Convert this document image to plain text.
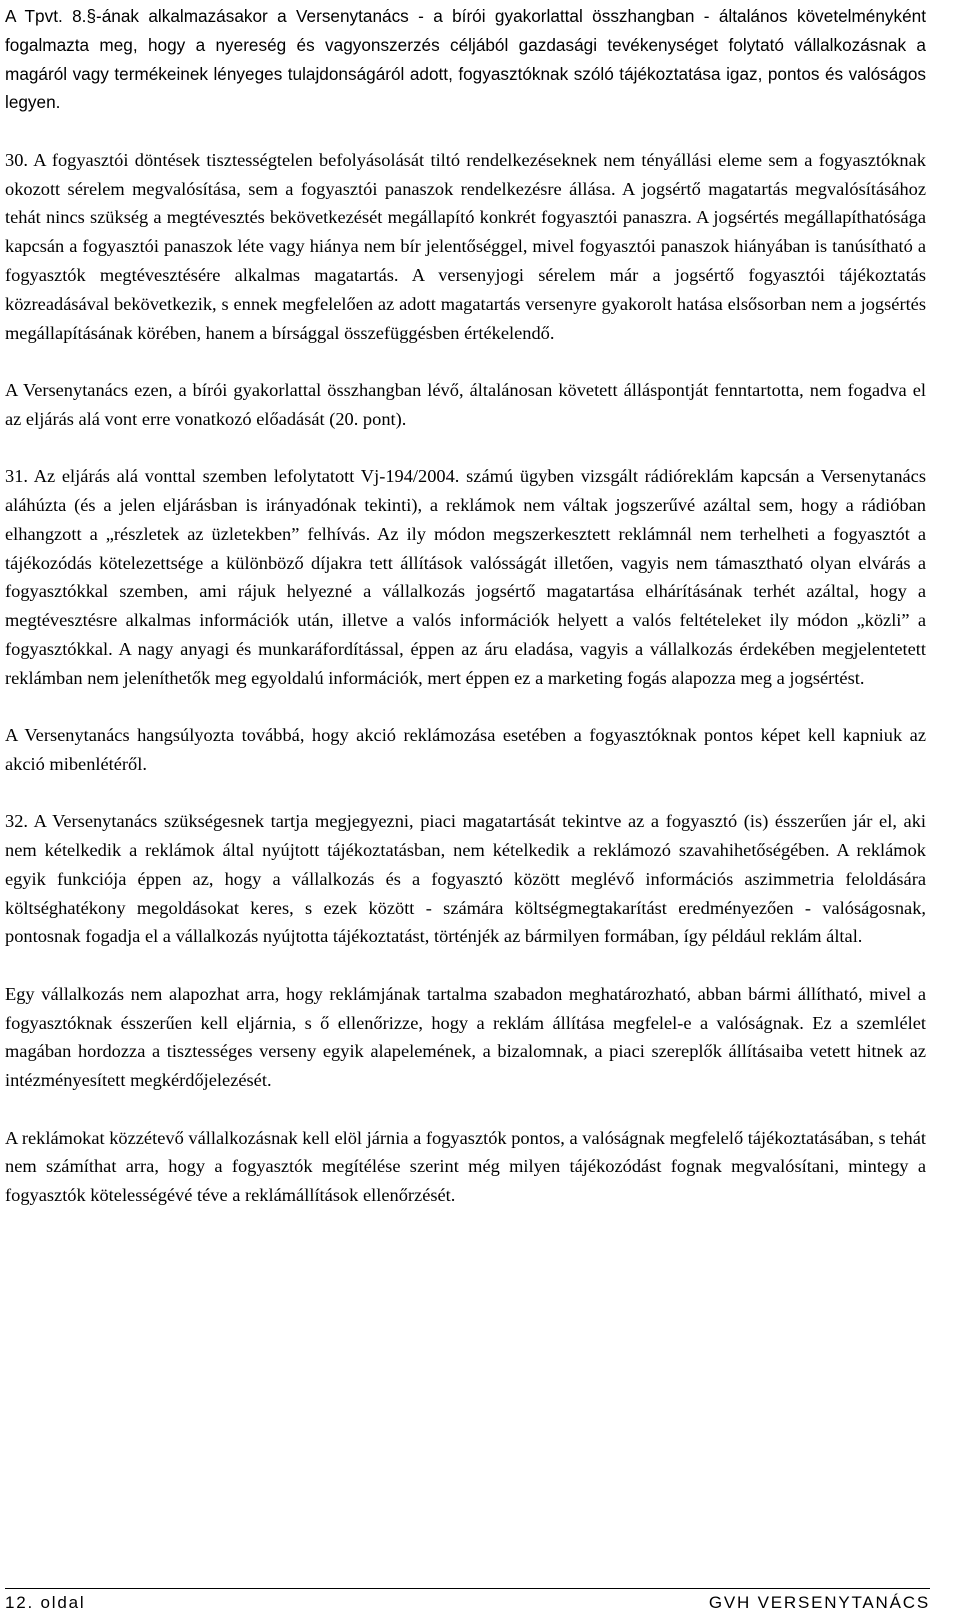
A Tpvt. 8.§-ának alkalmazásakor a Versenytanács - a bírói gyakorlattal összhangban - általános követelményként fogalmazta meg, hogy a nyereség és vagyonszerzés céljából gazdasági tevékenységet folytató vállalkozásnak a magáról vagy termékeinek lényeges tulajdonságáról adott, fogyasztóknak szóló tájékoztatása igaz, pontos és valóságos legyen.

30. A fogyasztói döntések tisztességtelen befolyásolását tiltó rendelkezéseknek nem tényállási eleme sem a fogyasztóknak okozott sérelem megvalósítása, sem a fogyasztói panaszok rendelkezésre állása. A jogsértő magatartás megvalósításához tehát nincs szükség a megtévesztés bekövetkezését megállapító konkrét fogyasztói panaszra. A jogsértés megállapíthatósága kapcsán a fogyasztói panaszok léte vagy hiánya nem bír jelentőséggel, mivel fogyasztói panaszok hiányában is tanúsítható a fogyasztók megtévesztésére alkalmas magatartás. A versenyjogi sérelem már a jogsértő fogyasztói tájékoztatás közreadásával bekövetkezik, s ennek megfelelően az adott magatartás versenyre gyakorolt hatása elsősorban nem a jogsértés megállapításának körében, hanem a bírsággal összefüggésben értékelendő.

A Versenytanács ezen, a bírói gyakorlattal összhangban lévő, általánosan követett álláspontját fenntartotta, nem fogadva el az eljárás alá vont erre vonatkozó előadását (20. pont).

31. Az eljárás alá vonttal szemben lefolytatott Vj-194/2004. számú ügyben vizsgált rádióreklám kapcsán a Versenytanács aláhúzta (és a jelen eljárásban is irányadónak tekinti), a reklámok nem váltak jogszerűvé azáltal sem, hogy a rádióban elhangzott a „részletek az üzletekben” felhívás. Az ily módon megszerkesztett reklámnál nem terhelheti a fogyasztót a tájékozódás kötelezettsége a különböző díjakra tett állítások valósságát illetően, vagyis nem támasztható olyan elvárás a fogyasztókkal szemben, ami rájuk helyezné a vállalkozás jogsértő magatartása elhárításának terhét azáltal, hogy a megtévesztésre alkalmas információk után, illetve a valós információk helyett a valós feltételeket ily módon „közli” a fogyasztókkal. A nagy anyagi és munkaráfordítással, éppen az áru eladása, vagyis a vállalkozás érdekében megjelentetett reklámban nem jeleníthetők meg egyoldalú információk, mert éppen ez a marketing fogás alapozza meg a jogsértést.

A Versenytanács hangsúlyozta továbbá, hogy akció reklámozása esetében a fogyasztóknak pontos képet kell kapniuk az akció mibenlétéről.

32. A Versenytanács szükségesnek tartja megjegyezni, piaci magatartását tekintve az a fogyasztó (is) ésszerűen jár el, aki nem kételkedik a reklámok által nyújtott tájékoztatásban, nem kételkedik a reklámozó szavahihetőségében. A reklámok egyik funkciója éppen az, hogy a vállalkozás és a fogyasztó között meglévő információs aszimmetria feloldására költséghatékony megoldásokat keres, s ezek között - számára költségmegtakarítást eredményezően - valóságosnak, pontosnak fogadja el a vállalkozás nyújtotta tájékoztatást, történjék az bármilyen formában, így például reklám által.

Egy vállalkozás nem alapozhat arra, hogy reklámjának tartalma szabadon meghatározható, abban bármi állítható, mivel a fogyasztóknak ésszerűen kell eljárnia, s ő ellenőrizze, hogy a reklám állítása megfelel-e a valóságnak. Ez a szemlélet magában hordozza a tisztességes verseny egyik alapelemének, a bizalomnak, a piaci szereplők állításaiba vetett hitnek az intézményesített megkérdőjelezését.

A reklámokat közzétevő vállalkozásnak kell elöl járnia a fogyasztók pontos, a valóságnak megfelelő tájékoztatásában, s tehát nem számíthat arra, hogy a fogyasztók megítélése szerint még milyen tájékozódást fognak megvalósítani, mintegy a fogyasztók kötelességévé téve a reklámállítások ellenőrzését.

12. oldal	GVH VERSENYTANÁCS
